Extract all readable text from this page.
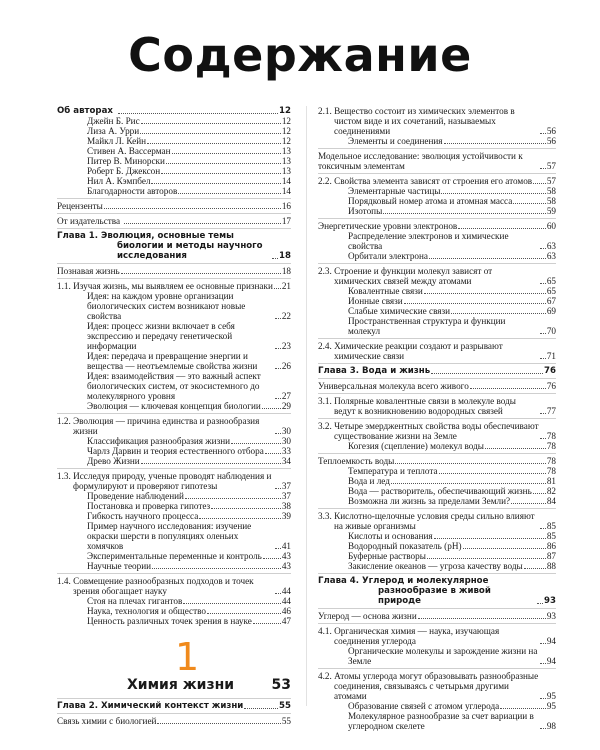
Содержание
Об авторах	12
Джейн Б. Рис	12
Лиза А. Урри	12
Майкл Л. Кейн	12
Стивен А. Вассерман	13
Питер В. Минорски	13
Роберт Б. Джексон	13
Нил А. Кэмпбел	14
Благодарности авторов	14
Рецензенты	16
От издательства	17
Глава 1. Эволюция, основные темы биологии и методы научного исследования	18
Познавая жизнь	18
1.1. Изучая жизнь, мы выявляем ее основные признаки 21
Идея: на каждом уровне организации биологических систем возникают новые свойства	22
Идея: процесс жизни включает в себя экспрессию и передачу генетической информации	23
Идея: передача и превращение энергии и вещества — неотъемлемые свойства жизни	26
Идея: взаимодействия — это важный аспект биологических систем, от экосистемного до молекулярного уровня	27
Эволюция — ключевая концепция биологии 29
1.2. Эволюция — причина единства и разнообразия жизни	30
Классификация разнообразия жизни	30
Чарлз Дарвин и теория естественного отбора 33
Древо Жизни	34
1.3. Исследуя природу, ученые проводят наблюдения и формулируют и проверяют гипотезы	37
Проведение наблюдений	37
Постановка и проверка гипотез	38
Гибкость научного процесса	39
Пример научного исследования: изучение окраски шерсти в популяциях оленьих хомячков	41
Экспериментальные переменные и контроль 43
Научные теории	43
1.4. Совмещение разнообразных подходов и точек зрения обогащает науку	44
Стоя на плечах гигантов	44
Наука, технология и общество	46
Ценность различных точек зрения в науке	47
1
Химия жизни	53
Глава 2. Химический контекст жизни	55
Связь химии с биологией	55
2.1. Вещество состоит из химических элементов в чистом виде и их сочетаний, называемых соединениями	56
Элементы и соединения	56
Модельное исследование: эволюция устойчивости к токсичным элементам	57
2.2. Свойства элемента зависят от строения его атомов 57
Элементарные частицы	58
Порядковый номер атома и атомная масса	58
Изотопы	59
Энергетические уровни электронов	60
Распределение электронов и химические свойства	63
Орбитали электрона	63
2.3. Строение и функции молекул зависят от химических связей между атомами	65
Ковалентные связи	65
Ионные связи	67
Слабые химические связи	69
Пространственная структура и функции молекул	70
2.4. Химические реакции создают и разрывают химические связи	71
Глава 3. Вода и жизнь	76
Универсальная молекула всего живого	76
3.1. Полярные ковалентные связи в молекуле воды ведут к возникновению водородных связей	77
3.2. Четыре эмерджентных свойства воды обеспечивают существование жизни на Земле	78
Когезия (сцепление) молекул воды	78
Теплоемкость воды	78
Температура и теплота	78
Вода и лед	81
Вода — растворитель, обеспечивающий жизнь 82
Возможна ли жизнь за пределами Земли?	84
3.3. Кислотно-щелочные условия среды сильно влияют на живые организмы	85
Кислоты и основания	85
Водородный показатель (pH)	86
Буферные растворы	87
Закисление океанов — угроза качеству воды	88
Глава 4. Углерод и молекулярное разнообразие в живой природе	93
Углерод — основа жизни	93
4.1. Органическая химия — наука, изучающая соединения углерода	94
Органические молекулы и зарождение жизни на Земле	94
4.2. Атомы углерода могут образовывать разнообразные соединения, связываясь с четырьмя другими атомами	95
Образование связей с атомом углерода	95
Молекулярное разнообразие за счет вариации в углеродном скелете	98
